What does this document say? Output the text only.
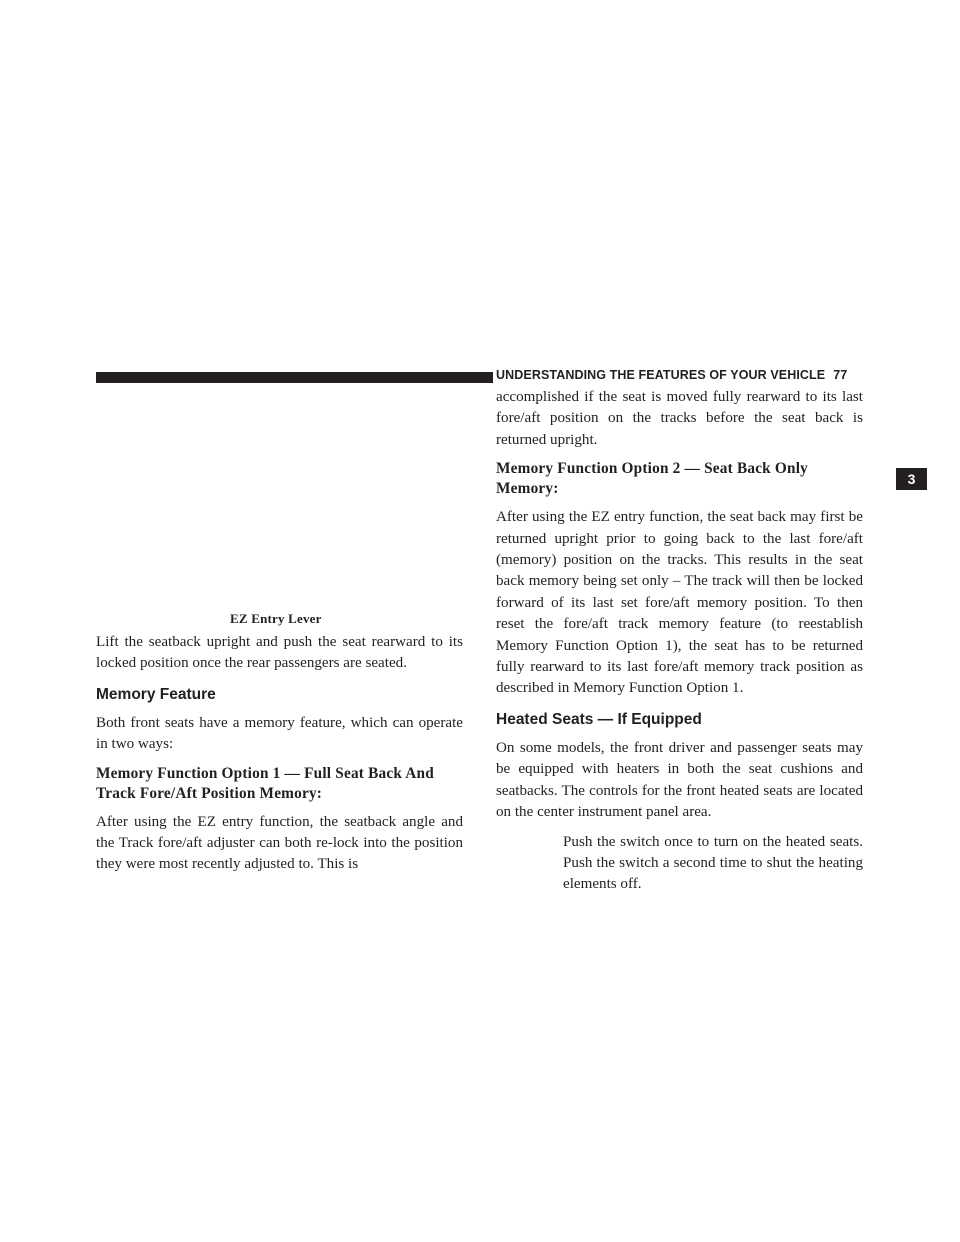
UNDERSTANDING THE FEATURES OF YOUR VEHICLE 77
3
EZ Entry Lever

Lift the seatback upright and push the seat rearward to its locked position once the rear passengers are seated.

Memory Feature

Both front seats have a memory feature, which can operate in two ways:

Memory Function Option 1 — Full Seat Back And Track Fore/Aft Position Memory:

After using the EZ entry function, the seatback angle and the Track fore/aft adjuster can both re-lock into the position they were most recently adjusted to. This is

accomplished if the seat is moved fully rearward to its last fore/aft position on the tracks before the seat back is returned upright.

Memory Function Option 2 — Seat Back Only Memory:

After using the EZ entry function, the seat back may first be returned upright prior to going back to the last fore/aft (memory) position on the tracks. This results in the seat back memory being set only – The track will then be locked forward of its last set fore/aft memory position. To then reset the fore/aft track memory feature (to reestablish Memory Function Option 1), the seat has to be returned fully rearward to its last fore/aft memory track position as described in Memory Function Option 1.

Heated Seats — If Equipped

On some models, the front driver and passenger seats may be equipped with heaters in both the seat cushions and seatbacks. The controls for the front heated seats are located on the center instrument panel area.

Push the switch once to turn on the heated seats. Push the switch a second time to shut the heating elements off.
